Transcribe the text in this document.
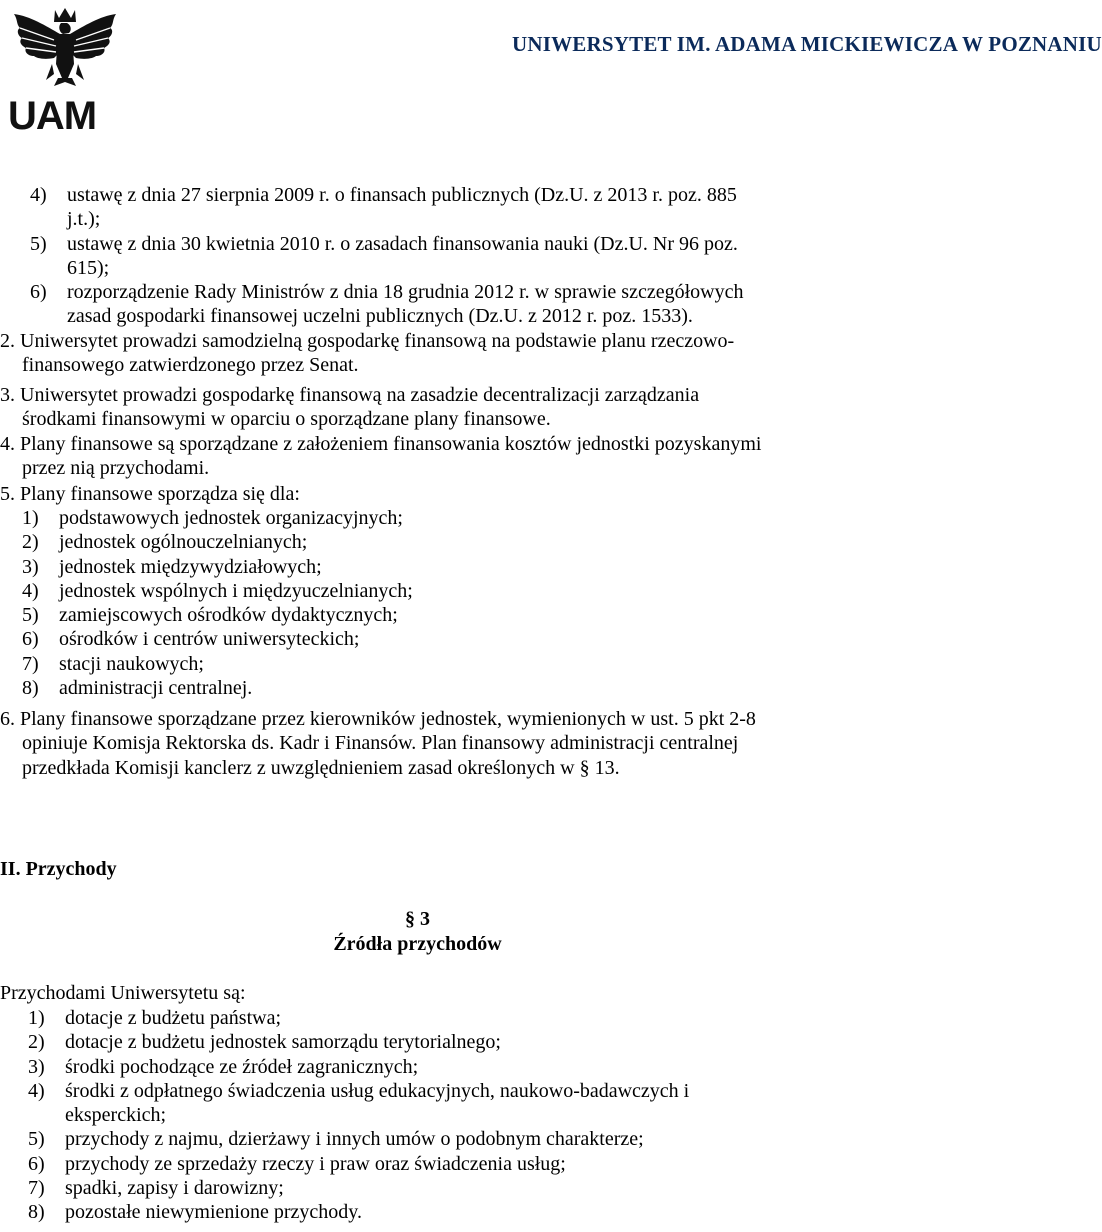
UAM
UNIWERSYTET IM. ADAMA MICKIEWICZA W POZNANIU
4) ustawę z dnia 27 sierpnia 2009 r. o finansach publicznych (Dz.U. z 2013 r. poz. 885
j.t.);
5) ustawę z dnia 30 kwietnia 2010 r. o zasadach finansowania nauki (Dz.U. Nr 96 poz.
615);
6) rozporządzenie Rady Ministrów z dnia 18 grudnia 2012 r. w sprawie szczegółowych
zasad gospodarki finansowej uczelni publicznych (Dz.U. z 2012 r. poz. 1533).
2. Uniwersytet prowadzi samodzielną gospodarkę finansową na podstawie planu rzeczowo-
finansowego zatwierdzonego przez Senat.
3. Uniwersytet prowadzi gospodarkę finansową na zasadzie decentralizacji zarządzania
środkami finansowymi w oparciu o sporządzane plany finansowe.
4. Plany finansowe są sporządzane z założeniem finansowania kosztów jednostki pozyskanymi
przez nią przychodami.
5. Plany finansowe sporządza się dla:
1) podstawowych jednostek organizacyjnych;
2) jednostek ogólnouczelnianych;
3) jednostek międzywydziałowych;
4) jednostek wspólnych i międzyuczelnianych;
5) zamiejscowych ośrodków dydaktycznych;
6) ośrodków i centrów uniwersyteckich;
7) stacji naukowych;
8) administracji centralnej.
6. Plany finansowe sporządzane przez kierowników jednostek, wymienionych w ust. 5 pkt 2-8
opiniuje Komisja Rektorska ds. Kadr i Finansów. Plan finansowy administracji centralnej
przedkłada Komisji kanclerz z uwzględnieniem zasad określonych w § 13.
II. Przychody
§ 3
Źródła przychodów
Przychodami Uniwersytetu są:
1) dotacje z budżetu państwa;
2) dotacje z budżetu jednostek samorządu terytorialnego;
3) środki pochodzące ze źródeł zagranicznych;
4) środki z odpłatnego świadczenia usług edukacyjnych, naukowo-badawczych i
eksperckich;
5) przychody z najmu, dzierżawy i innych umów o podobnym charakterze;
6) przychody ze sprzedaży rzeczy i praw oraz świadczenia usług;
7) spadki, zapisy i darowizny;
8) pozostałe niewymienione przychody.
